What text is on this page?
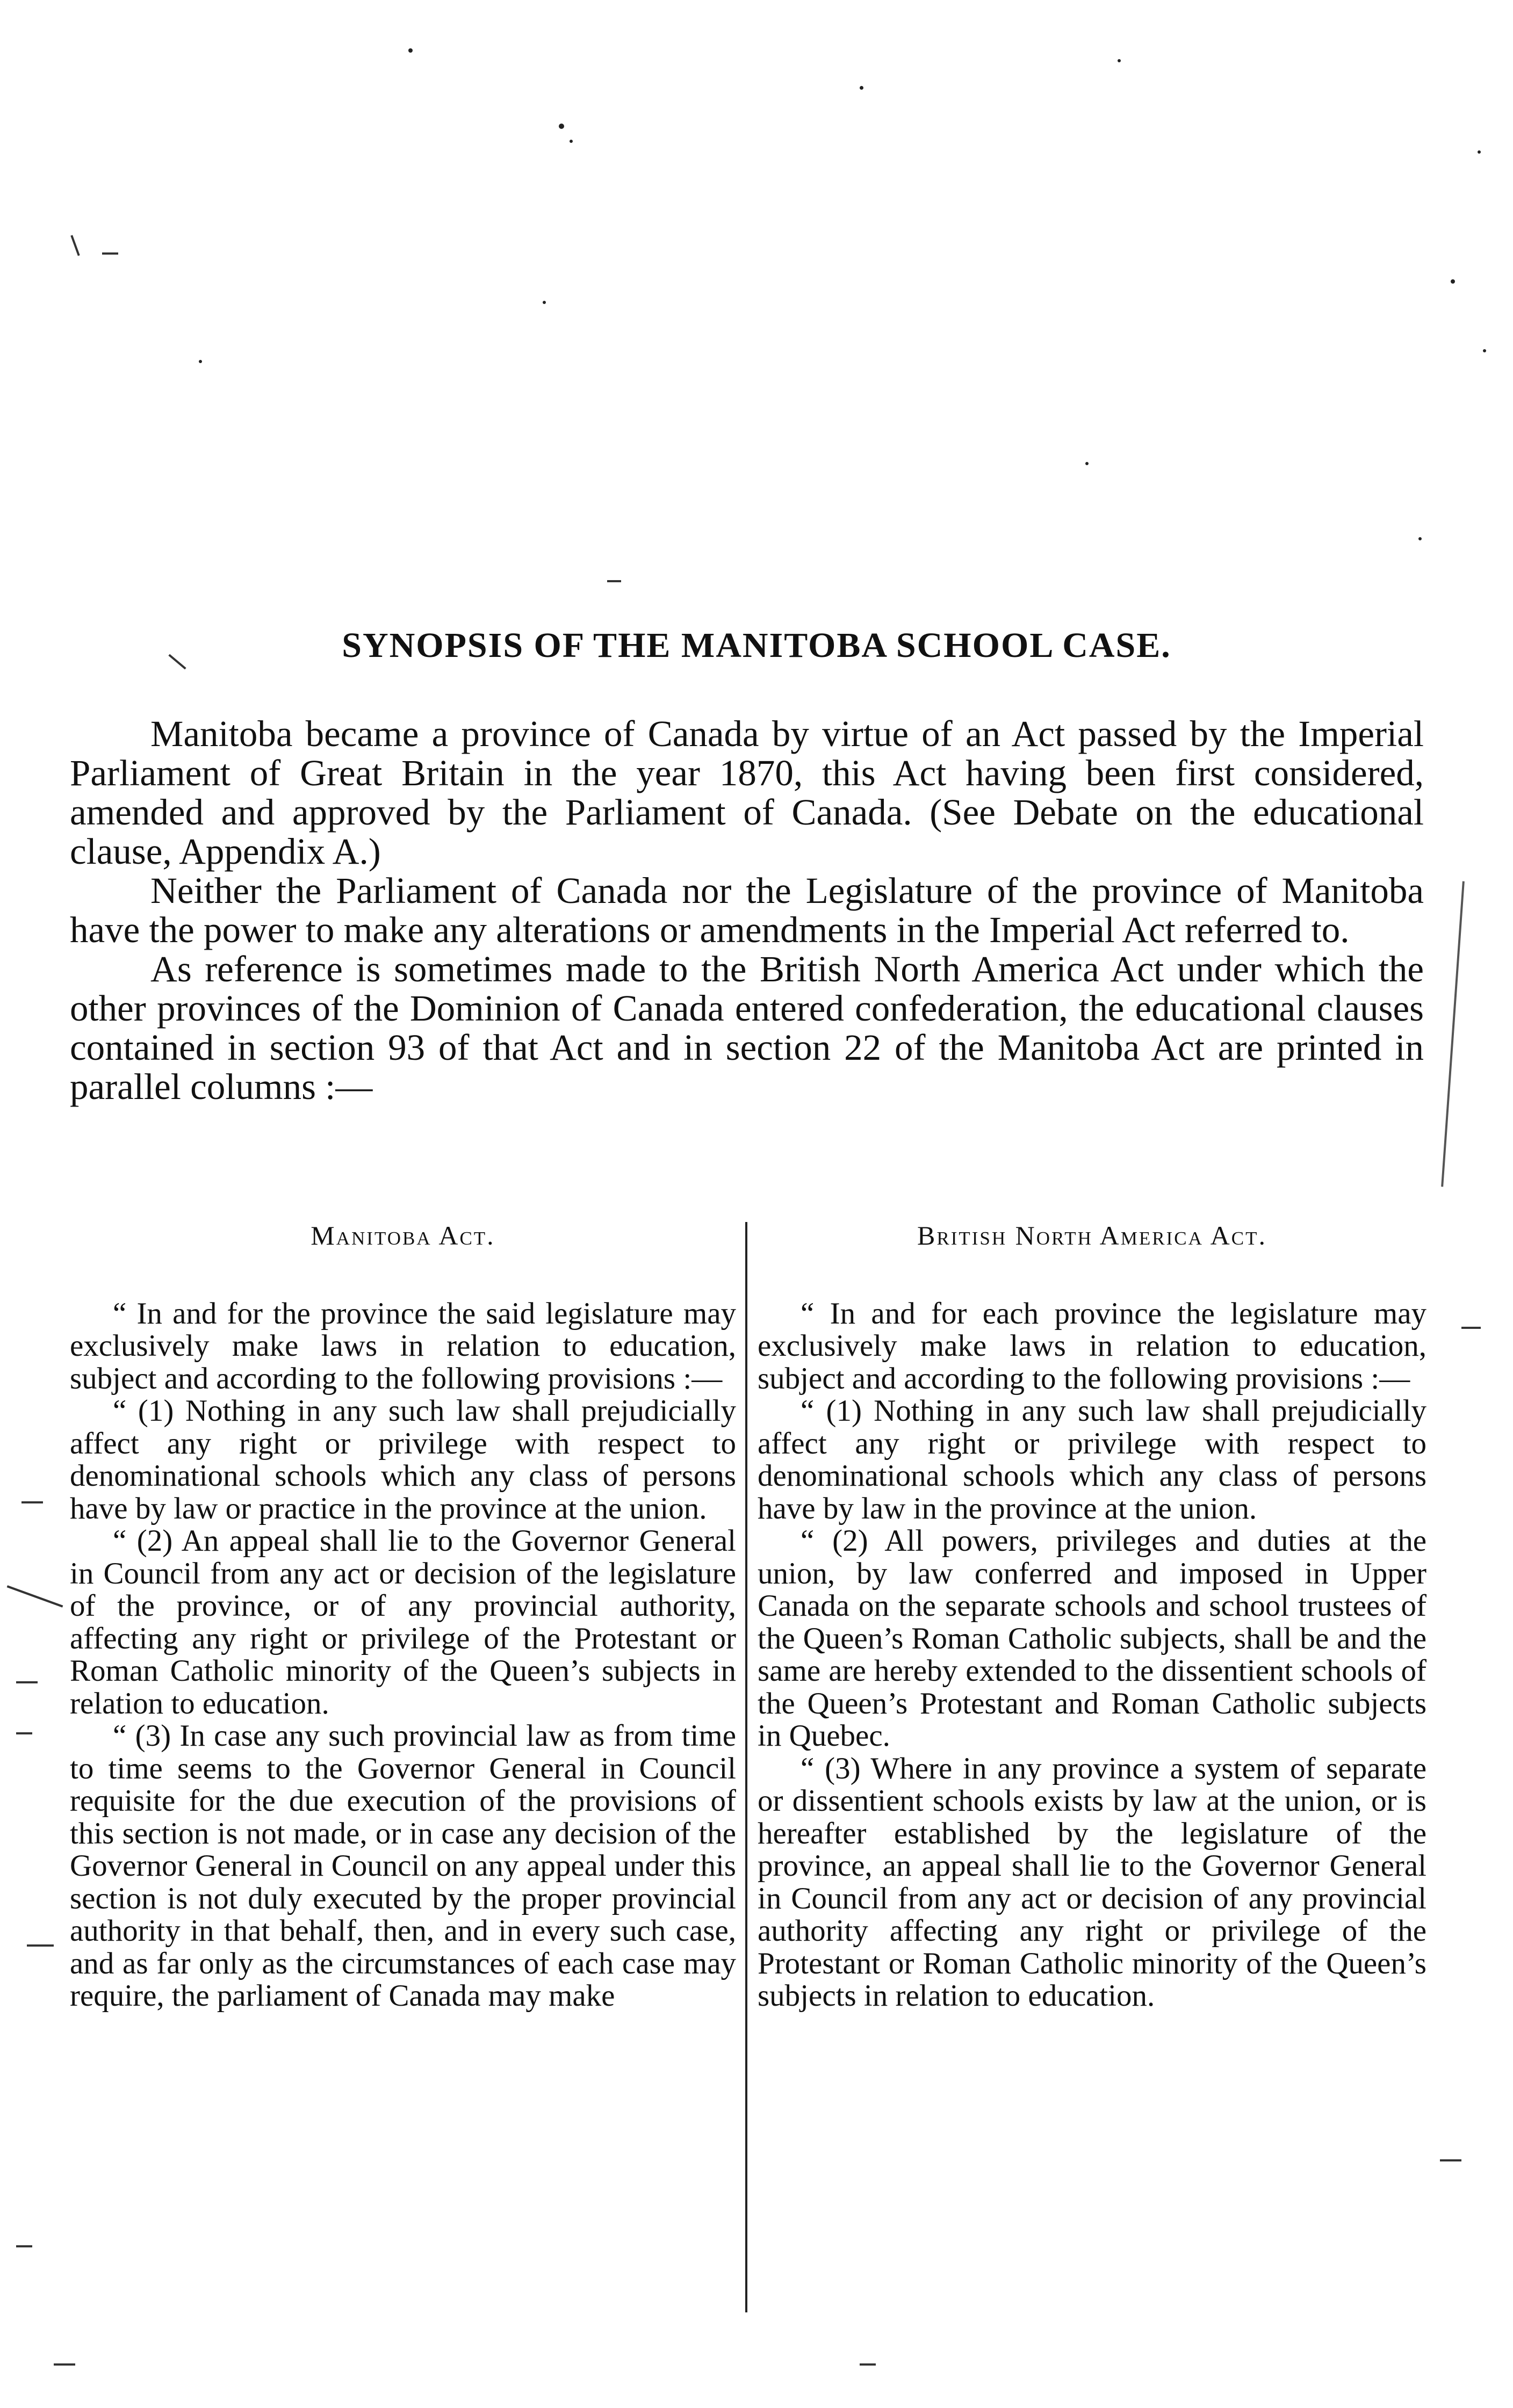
SYNOPSIS OF THE MANITOBA SCHOOL CASE.

Manitoba became a province of Canada by virtue of an Act passed by the Imperial Parliament of Great Britain in the year 1870, this Act having been first considered, amended and approved by the Parliament of Canada. (See Debate on the educational clause, Appendix A.)

Neither the Parliament of Canada nor the Legislature of the province of Manitoba have the power to make any alterations or amendments in the Imperial Act referred to.

As reference is sometimes made to the British North America Act under which the other provinces of the Dominion of Canada entered confederation, the educational clauses contained in section 93 of that Act and in section 22 of the Manitoba Act are printed in parallel columns :—

Manitoba Act.

“ In and for the province the said legislature may exclusively make laws in relation to education, subject and according to the following provisions :—

“ (1) Nothing in any such law shall prejudicially affect any right or privilege with respect to denominational schools which any class of persons have by law or practice in the province at the union.

“ (2) An appeal shall lie to the Governor General in Council from any act or decision of the legislature of the province, or of any provincial authority, affecting any right or privilege of the Protestant or Roman Catholic minority of the Queen’s subjects in relation to education.

“ (3) In case any such provincial law as from time to time seems to the Governor General in Council requisite for the due execution of the provisions of this section is not made, or in case any decision of the Governor General in Council on any appeal under this section is not duly executed by the proper provincial authority in that behalf, then, and in every such case, and as far only as the circumstances of each case may require, the parliament of Canada may make

British North America Act.

“ In and for each province the legislature may exclusively make laws in relation to education, subject and according to the following provisions :—

“ (1) Nothing in any such law shall prejudicially affect any right or privilege with respect to denominational schools which any class of persons have by law in the province at the union.

“ (2) All powers, privileges and duties at the union, by law conferred and imposed in Upper Canada on the separate schools and school trustees of the Queen’s Roman Catholic subjects, shall be and the same are hereby extended to the dissentient schools of the Queen’s Protestant and Roman Catholic subjects in Quebec.

“ (3) Where in any province a system of separate or dissentient schools exists by law at the union, or is hereafter established by the legislature of the province, an appeal shall lie to the Governor General in Council from any act or decision of any provincial authority affecting any right or privilege of the Protestant or Roman Catholic minority of the Queen’s subjects in relation to education.
